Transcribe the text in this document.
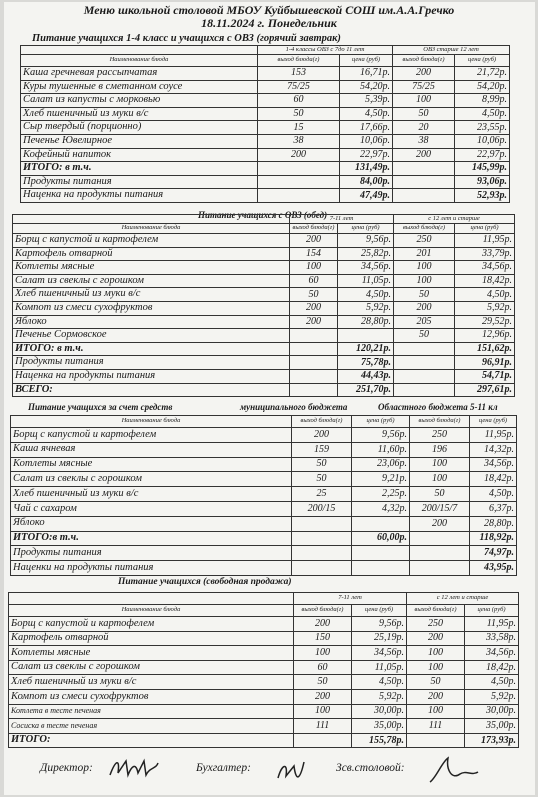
Меню школьной столовой МБОУ Куйбышевской СОШ им.А.А.Гречко
18.11.2024 г. Понедельник
Питание учащихся 1-4 класс и учащихся с ОВЗ (горячий завтрак)
	1-4 классы ОВЗ с 7до 11 лет		ОВЗ старше 12 лет	
Наименование блюда	выход блюда(г)	цена (руб)	выход блюда(г)	цена (руб)
Каша гречневая рассыпчатая	153	16,71р.	200	21,72р.
Куры тушенные в сметанном соусе	75/25	54,20р.	75/25	54,20р.
Салат из капусты с морковью	60	5,39р.	100	8,99р.
Хлеб пшеничный из муки в/с	50	4,50р.	50	4,50р.
Сыр твердый (порционно)	15	17,66р.	20	23,55р.
Печенье Ювелирное	38	10,06р.	38	10,06р.
Кофейный напиток	200	22,97р.	200	22,97р.
ИТОГО: в т.ч.		131,49р.		145,99р.
Продукты питания		84,00р.		93,06р.
Наценка на продукты питания		47,49р.		52,93р.
Питание учащихся с ОВЗ (обед)
	7-11 лет		с 12 лет и старше	
Наименование блюда	выход блюда(г)	цена (руб)	выход блюда(г)	цена (руб)
Борщ с капустой и картофелем	200	9,56р.	250	11,95р.
Картофель отварной	154	25,82р.	201	33,79р.
Котлеты мясные	100	34,56р.	100	34,56р.
Салат из свеклы с горошком	60	11,05р.	100	18,42р.
Хлеб пшеничный из муки в/с	50	4,50р.	50	4,50р.
Компот из смеси сухофруктов	200	5,92р.	200	5,92р.
Яблоко	200	28,80р.	205	29,52р.
Печенье Сормовское			50	12,96р.
ИТОГО: в т.ч.		120,21р.		151,62р.
Продукты питания		75,78р.		96,91р.
Наценка на продукты питания		44,43р.		54,71р.
ВСЕГО:		251,70р.		297,61р.
Питание учащихся за счет средств	муниципального бюджета	Областного бюджета 5-11 кл
Наименование блюда	выход блюда(г)	цена (руб)	выход блюда(г)	цена (руб)
Борщ с капустой и картофелем	200	9,56р.	250	11,95р.
Каша ячневая	159	11,60р.	196	14,32р.
Котлеты мясные	50	23,06р.	100	34,56р.
Салат из свеклы с горошком	50	9,21р.	100	18,42р.
Хлеб пшеничный из муки в/с	25	2,25р.	50	4,50р.
Чай с сахаром	200/15	4,32р.	200/15/7	6,37р.
Яблоко			200	28,80р.
ИТОГО:в т.ч.		60,00р.		118,92р.
Продукты питания				74,97р.
Наценки на продукты питания				43,95р.
Питание учащихся (свободная продажа)
	7-11 лет		с 12 лет и старше	
Наименование блюда	выход блюда(г)	цена (руб)	выход блюда(г)	цена (руб)
Борщ с капустой и картофелем	200	9,56р.	250	11,95р.
Картофель отварной	150	25,19р.	200	33,58р.
Котлеты мясные	100	34,56р.	100	34,56р.
Салат из свеклы с горошком	60	11,05р.	100	18,42р.
Хлеб пшеничный из муки в/с	50	4,50р.	50	4,50р.
Компот из смеси сухофруктов	200	5,92р.	200	5,92р.
Котлета в тесте печеная	100	30,00р.	100	30,00р.
Сосиска в тесте печеная	111	35,00р.	111	35,00р.
ИТОГО:		155,78р.		173,93р.
Директор:	Бухгалтер:	Зсв.столовой:
